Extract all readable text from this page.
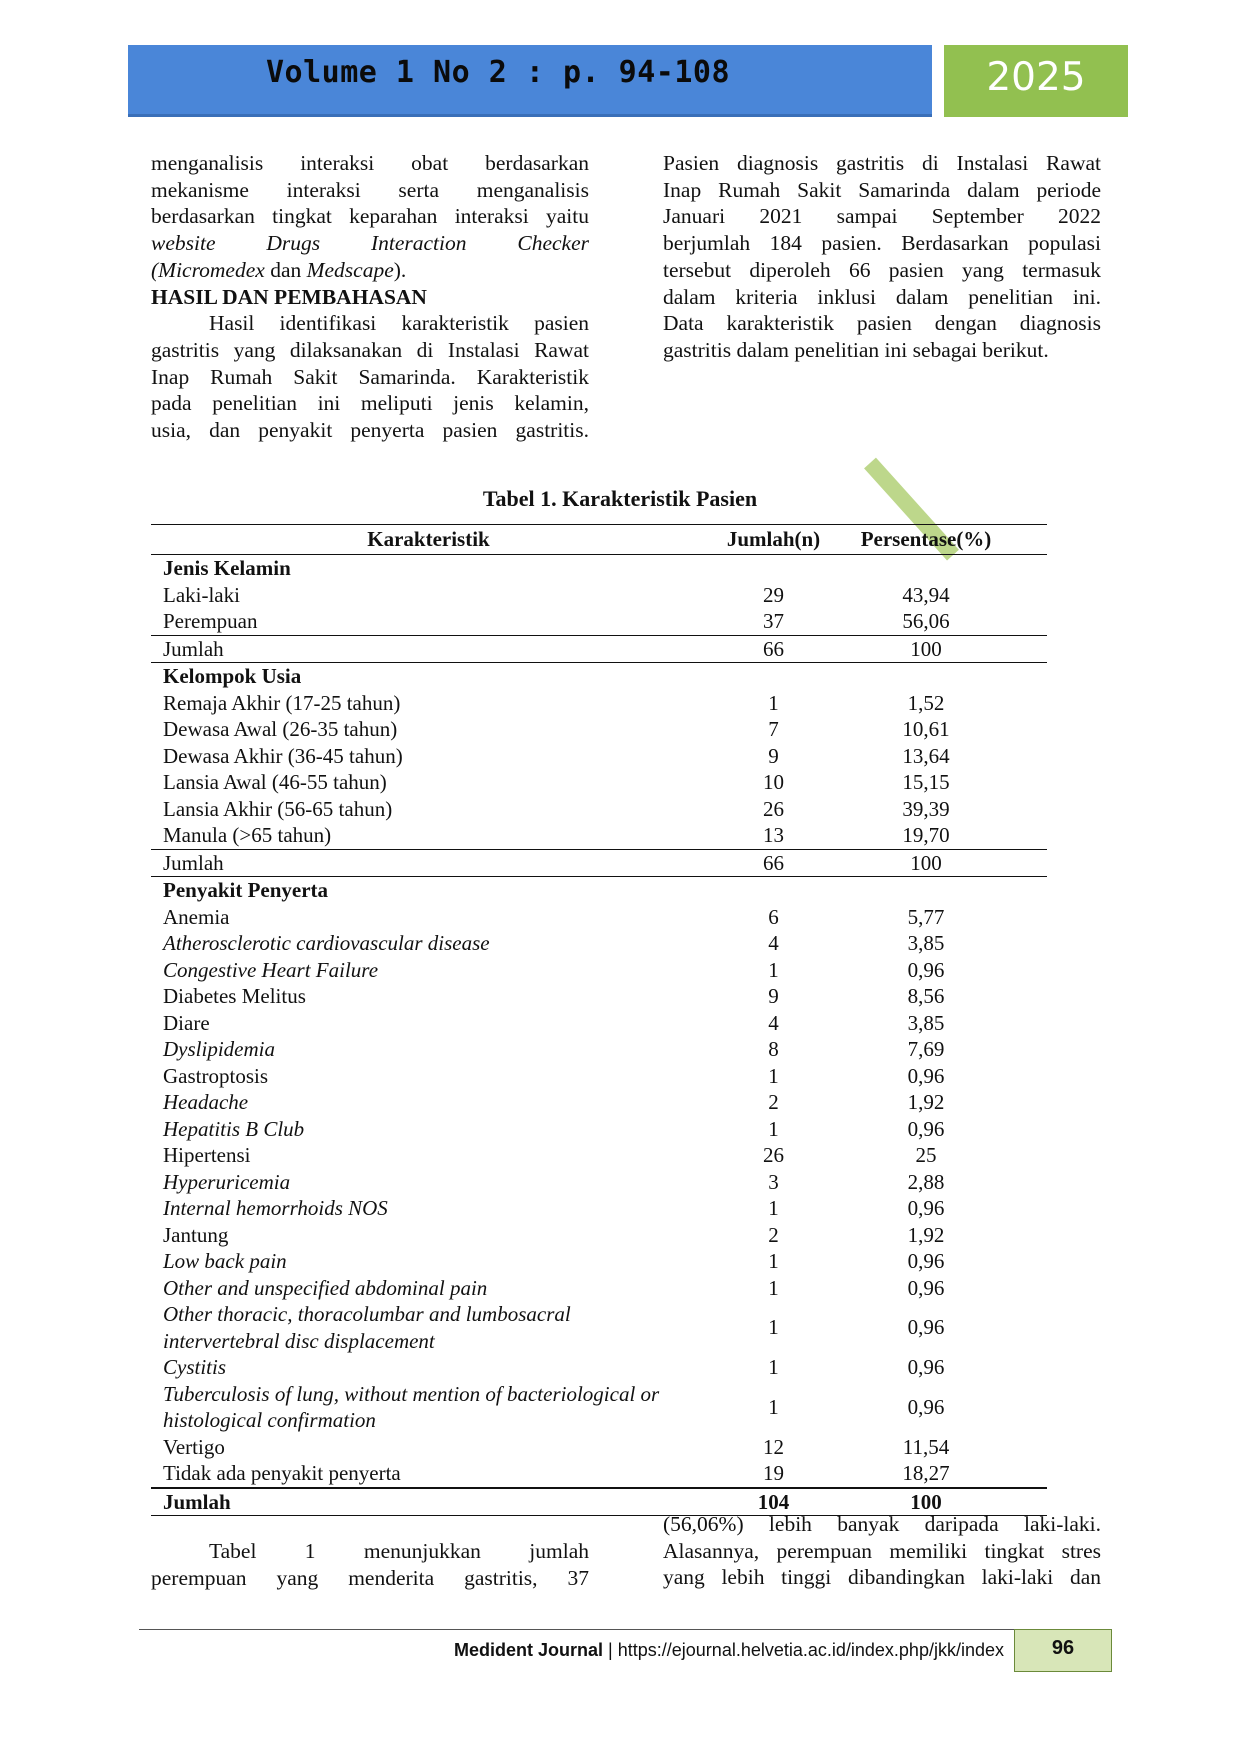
Volume 1 No 2 : p. 94-108	2025

menganalisis interaksi obat berdasarkan

mekanisme interaksi serta menganalisis

berdasarkan tingkat keparahan interaksi yaitu

website Drugs Interaction Checker

(Micromedex dan Medscape).

HASIL DAN PEMBAHASAN

Hasil identifikasi karakteristik pasien

gastritis yang dilaksanakan di Instalasi Rawat

Inap Rumah Sakit Samarinda. Karakteristik

pada penelitian ini meliputi jenis kelamin,

usia, dan penyakit penyerta pasien gastritis.

Pasien diagnosis gastritis di Instalasi Rawat

Inap Rumah Sakit Samarinda dalam periode

Januari 2021 sampai September 2022

berjumlah 184 pasien. Berdasarkan populasi

tersebut diperoleh 66 pasien yang termasuk

dalam kriteria inklusi dalam penelitian ini.

Data karakteristik pasien dengan diagnosis

gastritis dalam penelitian ini sebagai berikut.

Tabel 1. Karakteristik Pasien
Karakteristik	Jumlah(n)	Persentase(%)
Jenis Kelamin
Laki-laki	29	43,94
Perempuan	37	56,06
Jumlah	66	100
Kelompok Usia
Remaja Akhir (17-25 tahun)	1	1,52
Dewasa Awal (26-35 tahun)	7	10,61
Dewasa Akhir (36-45 tahun)	9	13,64
Lansia Awal (46-55 tahun)	10	15,15
Lansia Akhir (56-65 tahun)	26	39,39
Manula (>65 tahun)	13	19,70
Jumlah	66	100
Penyakit Penyerta
Anemia	6	5,77
Atherosclerotic cardiovascular disease	4	3,85
Congestive Heart Failure	1	0,96
Diabetes Melitus	9	8,56
Diare	4	3,85
Dyslipidemia	8	7,69
Gastroptosis	1	0,96
Headache	2	1,92
Hepatitis B Club	1	0,96
Hipertensi	26	25
Hyperuricemia	3	2,88
Internal hemorrhoids NOS	1	0,96
Jantung	2	1,92
Low back pain	1	0,96
Other and unspecified abdominal pain	1	0,96
Other thoracic, thoracolumbar and lumbosacral
intervertebral disc displacement
1	0,96
Cystitis	1	0,96
Tuberculosis of lung, without mention of bacteriological or
histological confirmation
1	0,96
Vertigo	12	11,54
Tidak ada penyakit penyerta	19	18,27
Jumlah	104	100

Tabel 1 menunjukkan jumlah

perempuan yang menderita gastritis, 37

(56,06%) lebih banyak daripada laki-laki.

Alasannya, perempuan memiliki tingkat stres

yang lebih tinggi dibandingkan laki-laki dan

Medident Journal | https://ejournal.helvetia.ac.id/index.php/jkk/index	96
